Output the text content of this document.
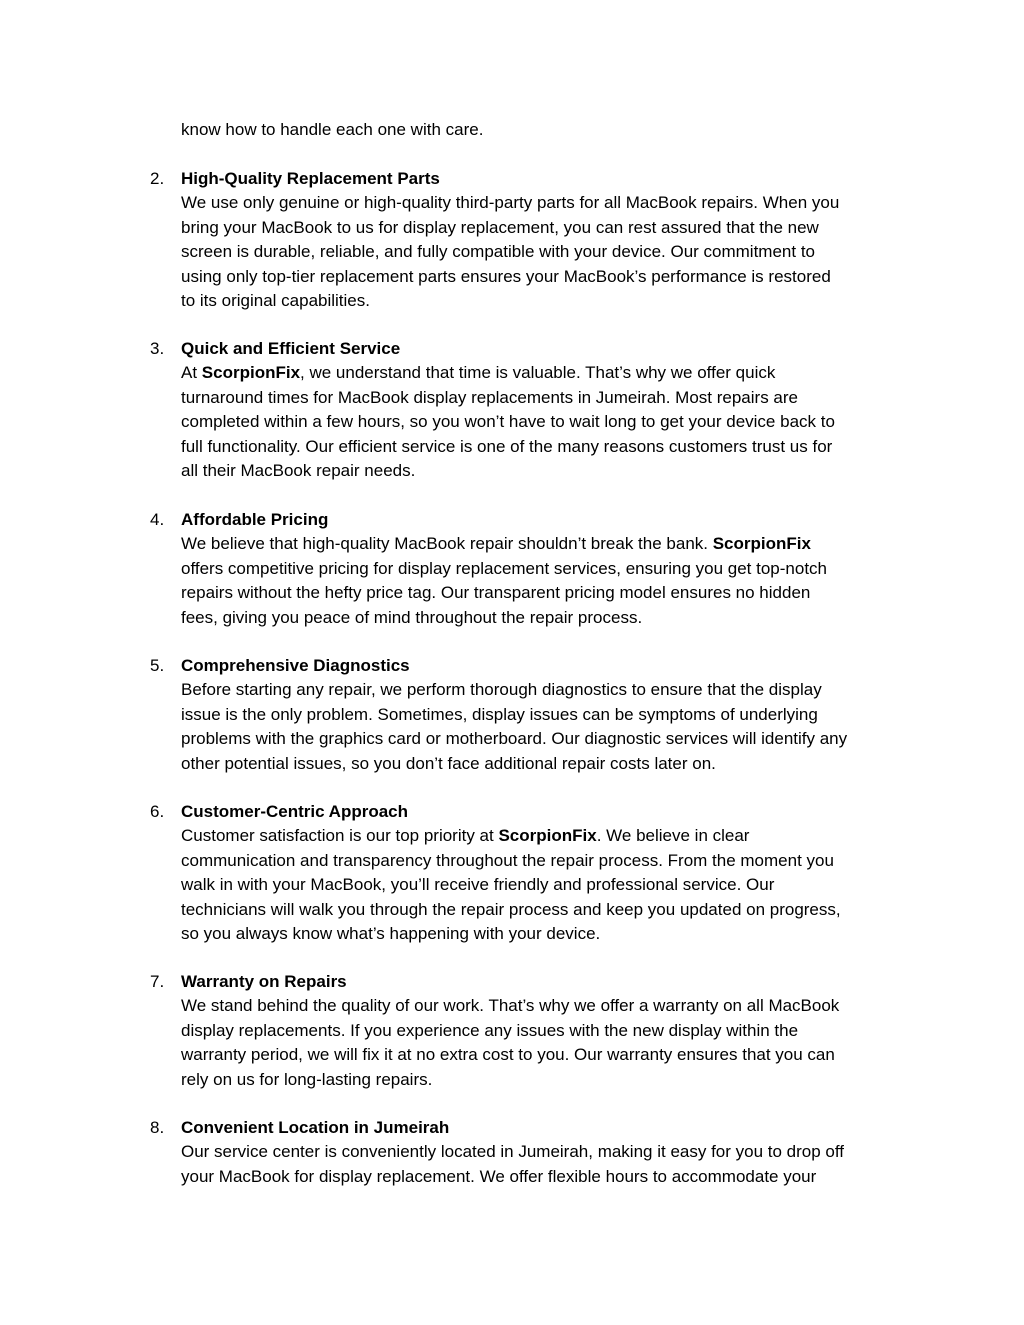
know how to handle each one with care.
2. High-Quality Replacement Parts

We use only genuine or high-quality third-party parts for all MacBook repairs. When you

bring your MacBook to us for display replacement, you can rest assured that the new

screen is durable, reliable, and fully compatible with your device. Our commitment to

using only top-tier replacement parts ensures your MacBook’s performance is restored

to its original capabilities.

3. Quick and Efficient Service

At ScorpionFix, we understand that time is valuable. That’s why we offer quick

turnaround times for MacBook display replacements in Jumeirah. Most repairs are

completed within a few hours, so you won’t have to wait long to get your device back to

full functionality. Our efficient service is one of the many reasons customers trust us for

all their MacBook repair needs.

4. Affordable Pricing

We believe that high-quality MacBook repair shouldn’t break the bank. ScorpionFix

offers competitive pricing for display replacement services, ensuring you get top-notch

repairs without the hefty price tag. Our transparent pricing model ensures no hidden

fees, giving you peace of mind throughout the repair process.

5. Comprehensive Diagnostics

Before starting any repair, we perform thorough diagnostics to ensure that the display

issue is the only problem. Sometimes, display issues can be symptoms of underlying

problems with the graphics card or motherboard. Our diagnostic services will identify any

other potential issues, so you don’t face additional repair costs later on.

6. Customer-Centric Approach

Customer satisfaction is our top priority at ScorpionFix. We believe in clear

communication and transparency throughout the repair process. From the moment you

walk in with your MacBook, you’ll receive friendly and professional service. Our

technicians will walk you through the repair process and keep you updated on progress,

so you always know what’s happening with your device.

7. Warranty on Repairs

We stand behind the quality of our work. That’s why we offer a warranty on all MacBook

display replacements. If you experience any issues with the new display within the

warranty period, we will fix it at no extra cost to you. Our warranty ensures that you can

rely on us for long-lasting repairs.

8. Convenient Location in Jumeirah

Our service center is conveniently located in Jumeirah, making it easy for you to drop off

your MacBook for display replacement. We offer flexible hours to accommodate your
